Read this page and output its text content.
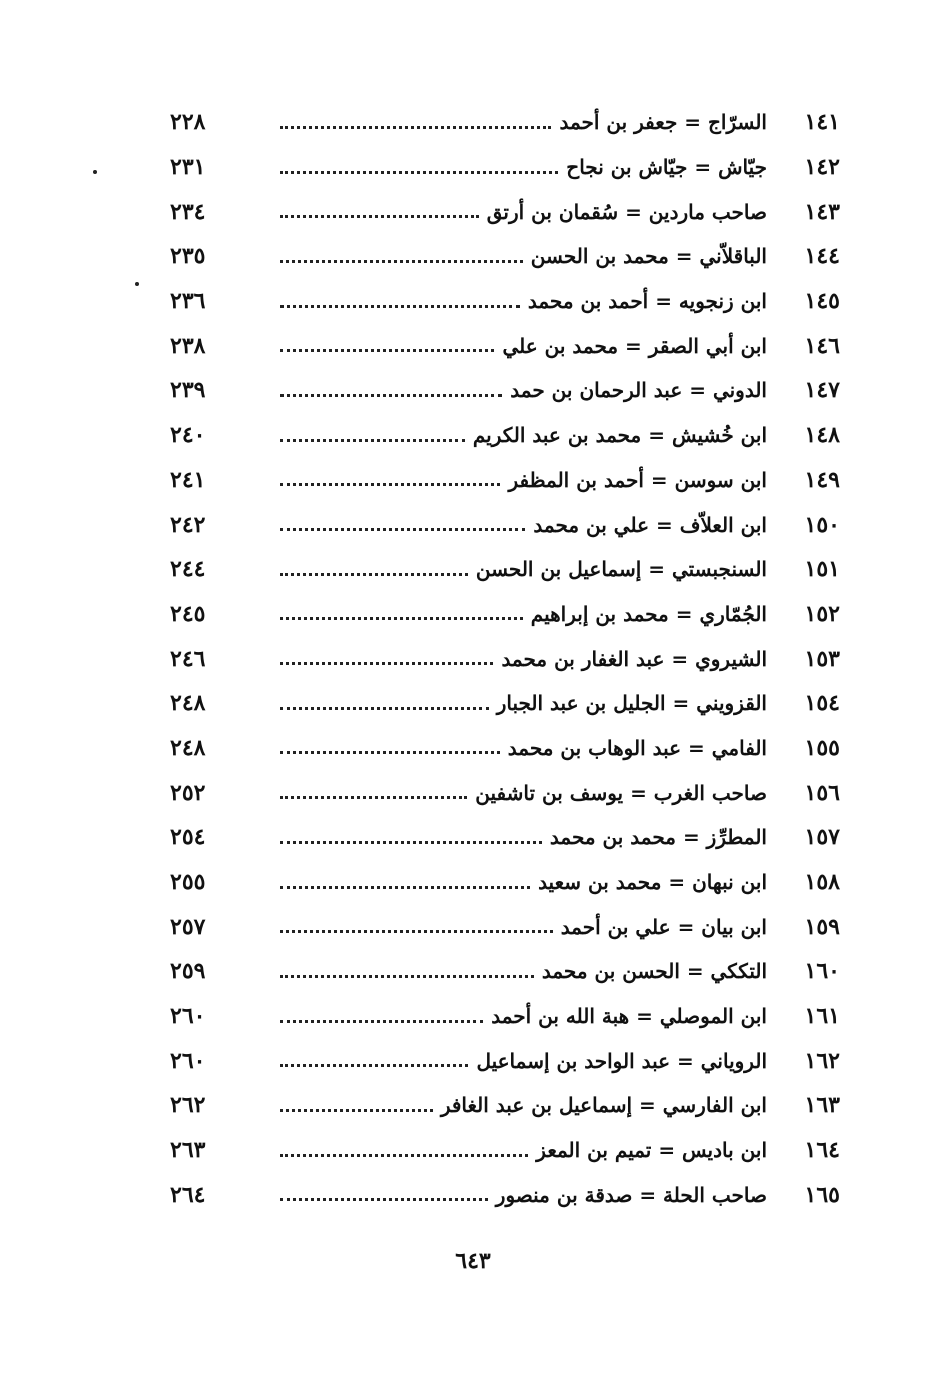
١٤١
السرّاج = جعفر بن أحمد
٢٢٨
١٤٢
جيّاش = جيّاش بن نجاح
٢٣١
١٤٣
صاحب ماردين = سُقمان بن أرتق
٢٣٤
١٤٤
الباقلاّني = محمد بن الحسن
٢٣٥
١٤٥
ابن زنجويه = أحمد بن محمد
٢٣٦
١٤٦
ابن أبي الصقر = محمد بن علي
٢٣٨
١٤٧
الدوني = عبد الرحمان بن حمد
٢٣٩
١٤٨
ابن خُشيش = محمد بن عبد الكريم
٢٤٠
١٤٩
ابن سوسن = أحمد بن المظفر
٢٤١
١٥٠
ابن العلاّف = علي بن محمد
٢٤٢
١٥١
السنجبستي = إسماعيل بن الحسن
٢٤٤
١٥٢
الجُمّاري = محمد بن إبراهيم
٢٤٥
١٥٣
الشيروي = عبد الغفار بن محمد
٢٤٦
١٥٤
القزويني = الجليل بن عبد الجبار
٢٤٨
١٥٥
الفامي = عبد الوهاب بن محمد
٢٤٨
١٥٦
صاحب الغرب = يوسف بن تاشفين
٢٥٢
١٥٧
المطرِّز = محمد بن محمد
٢٥٤
١٥٨
ابن نبهان = محمد بن سعيد
٢٥٥
١٥٩
ابن بيان = علي بن أحمد
٢٥٧
١٦٠
التككي = الحسن بن محمد
٢٥٩
١٦١
ابن الموصلي = هبة الله بن أحمد
٢٦٠
١٦٢
الروياني = عبد الواحد بن إسماعيل
٢٦٠
١٦٣
ابن الفارسي = إسماعيل بن عبد الغافر
٢٦٢
١٦٤
ابن باديس = تميم بن المعز
٢٦٣
١٦٥
صاحب الحلة = صدقة بن منصور
٢٦٤
٦٤٣
